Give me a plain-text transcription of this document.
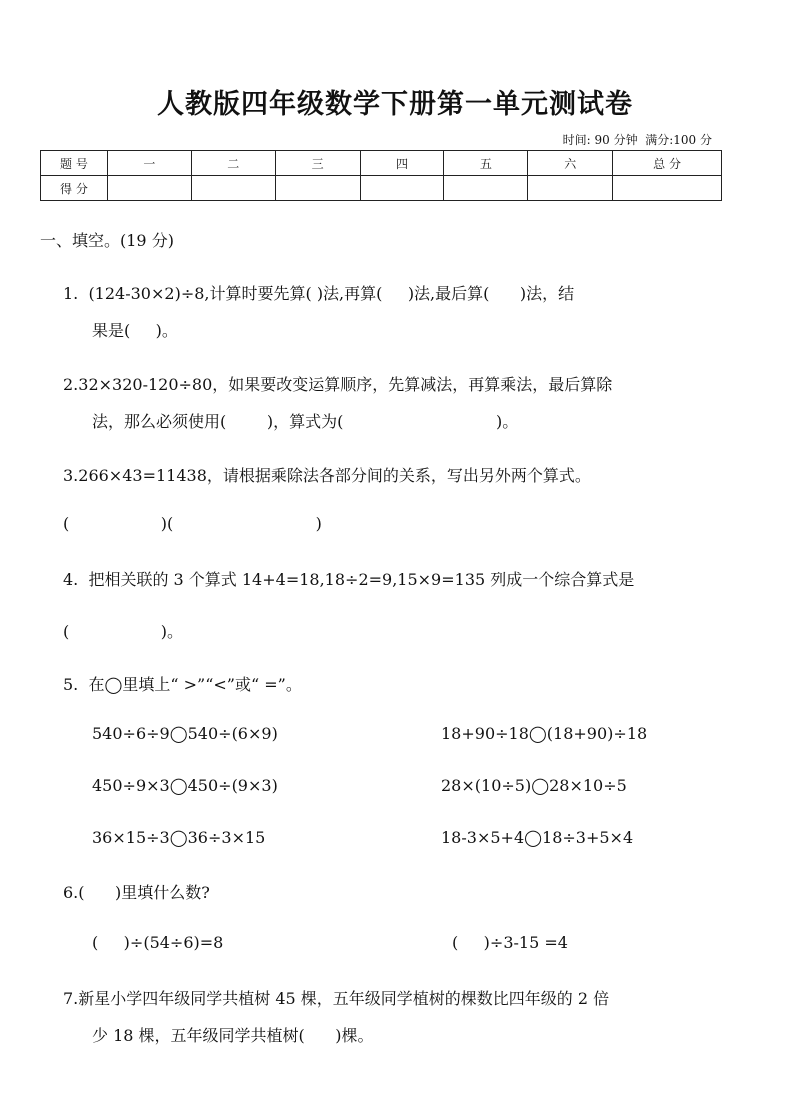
人教版四年级数学下册第一单元测试卷
时间: 90 分钟  满分:100 分
题 号	一	二	三	四	五	六	总 分
得 分							
一、填空。(19 分)
1.  (124-30×2)÷8,计算时要先算( )法,再算(     )法,最后算(      )法，结
果是(     )。
2.32×320-120÷80，如果要改变运算顺序，先算减法，再算乘法，最后算除
法，那么必须使用(        )，算式为(                              )。
3.266×43=11438，请根据乘除法各部分间的关系，写出另外两个算式。
(                  )(                            )
4.  把相关联的 3 个算式 14+4=18,18÷2=9,15×9=135 列成一个综合算式是
(                  )。
5.  在◯里填上“ >”“<”或“ =”。
540÷6÷9◯540÷(6×9)	18+90÷18◯(18+90)÷18
450÷9×3◯450÷(9×3)	28×(10÷5)◯28×10÷5
36×15÷3◯36÷3×15	18-3×5+4◯18÷3+5×4
6.(      )里填什么数?
(     )÷(54÷6)=8	(     )÷3-15 =4
7.新星小学四年级同学共植树 45 棵，五年级同学植树的棵数比四年级的 2 倍
少 18 棵，五年级同学共植树(      )棵。
